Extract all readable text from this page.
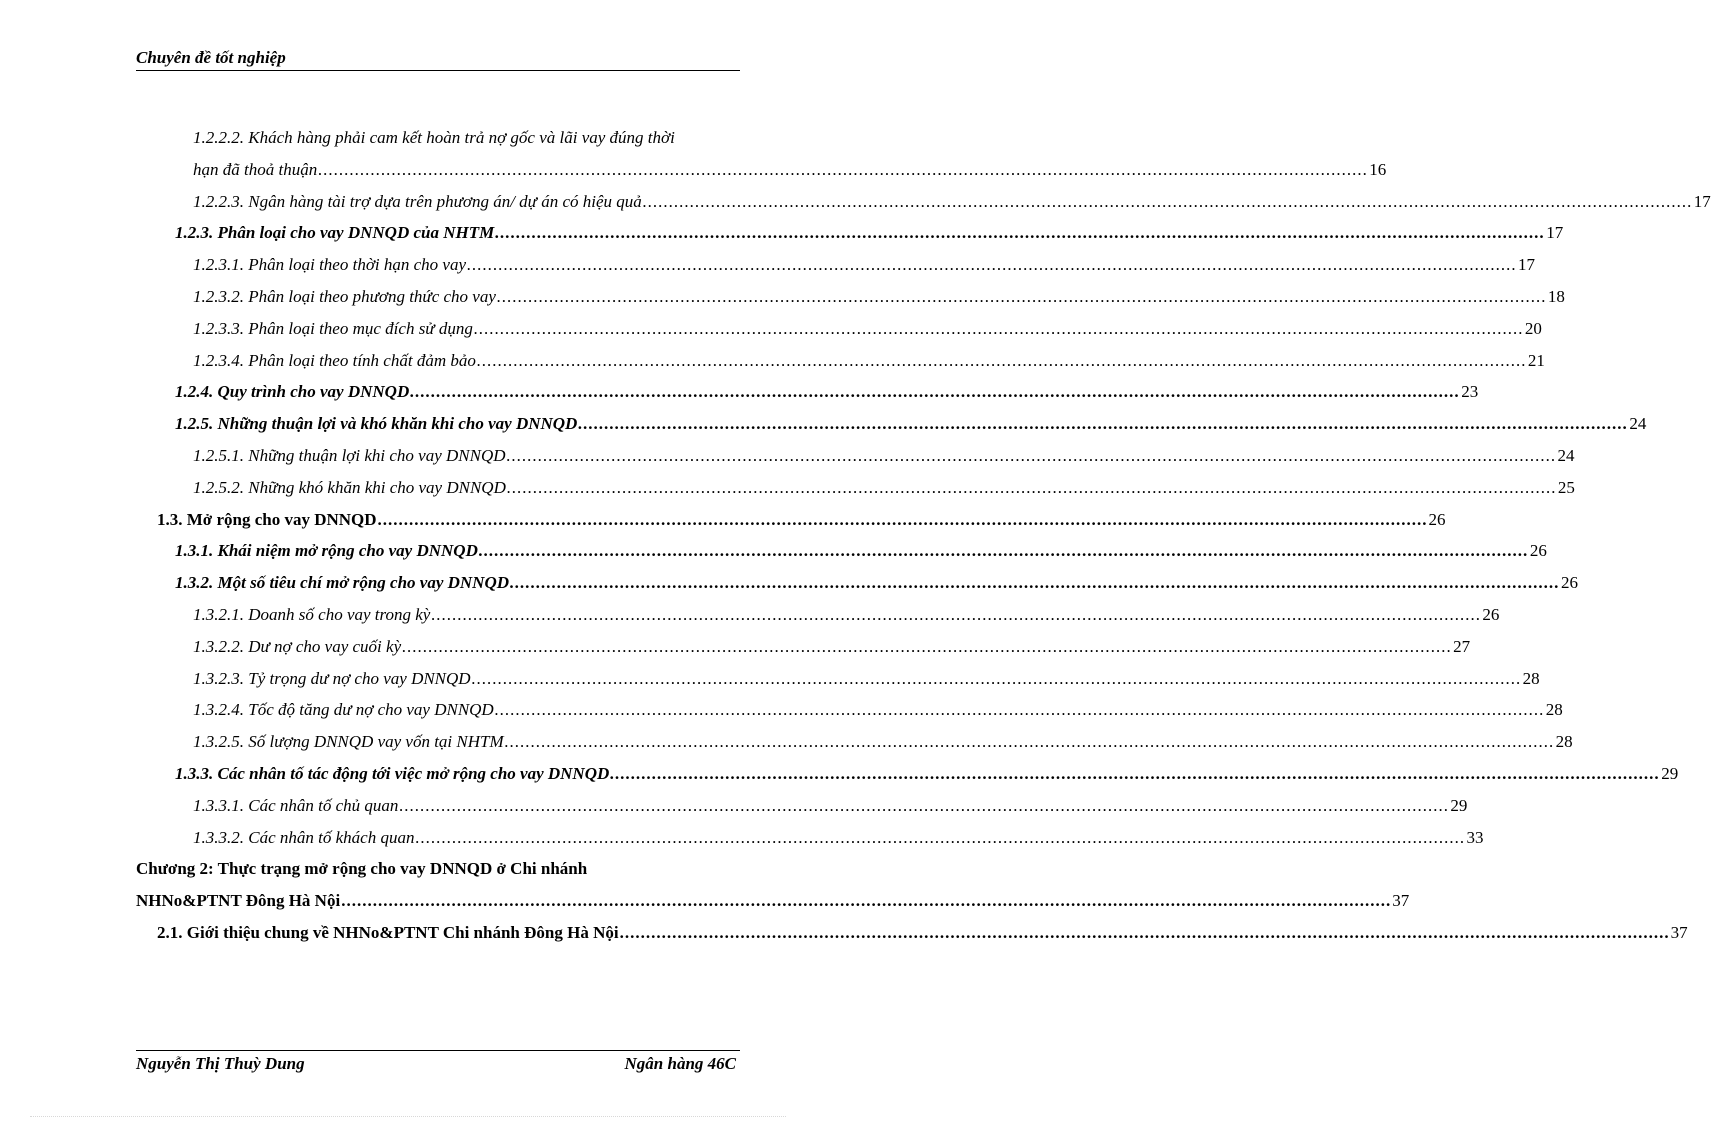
Chuyên đề tốt nghiệp
1.2.2.2. Khách hàng phải cam kết hoàn trả nợ gốc và lãi vay đúng thời
hạn đã thoả thuận ........................................................................................................................................................................................................ 16
1.2.2.3. Ngân hàng tài trợ dựa trên phương án/ dự án có hiệu quả ........................................................................................................................................................................................................ 17
1.2.3. Phân loại cho vay DNNQD của NHTM ........................................................................................................................................................................................................ 17
1.2.3.1. Phân loại theo thời hạn cho vay ........................................................................................................................................................................................................ 17
1.2.3.2. Phân loại theo phương thức cho vay ........................................................................................................................................................................................................ 18
1.2.3.3. Phân loại theo mục đích sử dụng ........................................................................................................................................................................................................ 20
1.2.3.4. Phân loại theo tính chất đảm bảo ........................................................................................................................................................................................................ 21
1.2.4. Quy trình cho vay DNNQD ........................................................................................................................................................................................................ 23
1.2.5. Những thuận lợi và khó khăn khi cho vay DNNQD ........................................................................................................................................................................................................ 24
1.2.5.1. Những thuận lợi khi cho vay DNNQD ........................................................................................................................................................................................................ 24
1.2.5.2. Những khó khăn khi cho vay DNNQD ........................................................................................................................................................................................................ 25
1.3. Mở rộng cho vay DNNQD ........................................................................................................................................................................................................ 26
1.3.1. Khái niệm mở rộng cho vay DNNQD ........................................................................................................................................................................................................ 26
1.3.2. Một số tiêu chí mở rộng cho vay DNNQD ........................................................................................................................................................................................................ 26
1.3.2.1. Doanh số cho vay trong kỳ ........................................................................................................................................................................................................ 26
1.3.2.2. Dư nợ cho vay cuối kỳ ........................................................................................................................................................................................................ 27
1.3.2.3. Tỷ trọng dư nợ cho vay DNNQD ........................................................................................................................................................................................................ 28
1.3.2.4. Tốc độ tăng dư nợ cho vay DNNQD ........................................................................................................................................................................................................ 28
1.3.2.5. Số lượng DNNQD vay vốn tại NHTM ........................................................................................................................................................................................................ 28
1.3.3. Các nhân tố tác động tới việc mở rộng cho vay DNNQD ........................................................................................................................................................................................................ 29
1.3.3.1. Các nhân tố chủ quan ........................................................................................................................................................................................................ 29
1.3.3.2. Các nhân tố khách quan ........................................................................................................................................................................................................ 33
Chương 2: Thực trạng mở rộng cho vay DNNQD ở Chi nhánh
NHNo&PTNT Đông Hà Nội ........................................................................................................................................................................................................ 37
2.1. Giới thiệu chung về NHNo&PTNT Chi nhánh Đông Hà Nội ........................................................................................................................................................................................................ 37
Nguyễn Thị Thuỳ Dung	Ngân hàng 46C
